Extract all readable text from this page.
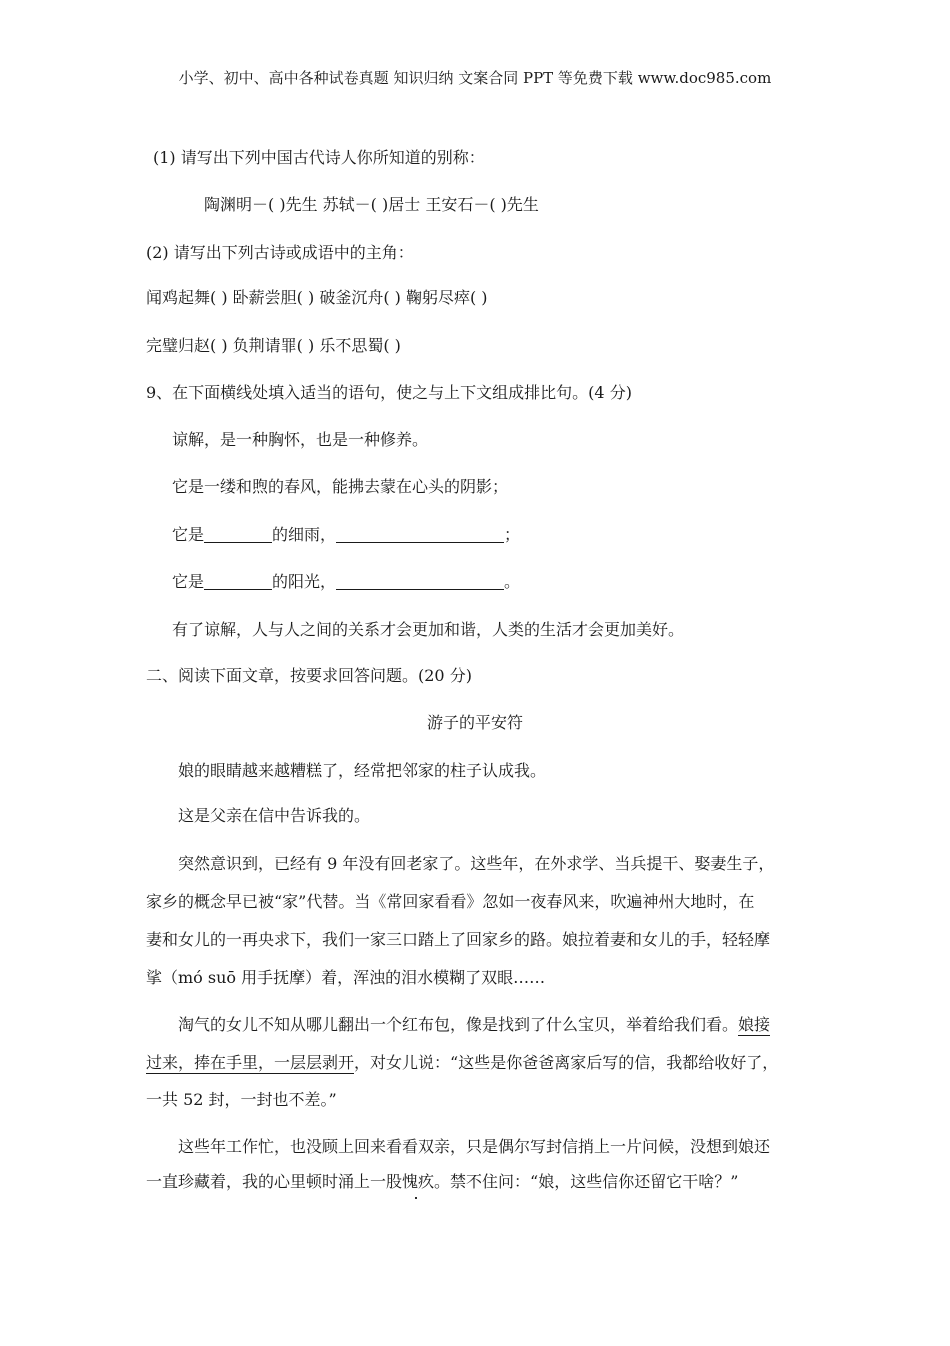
小学、初中、高中各种试卷真题 知识归纳 文案合同 PPT 等免费下载 www.doc985.com
(1) 请写出下列中国古代诗人你所知道的别称：
陶渊明－( )先生 苏轼－( )居士 王安石－( )先生
(2) 请写出下列古诗或成语中的主角：
闻鸡起舞( ) 卧薪尝胆( ) 破釜沉舟( ) 鞠躬尽瘁( )
完璧归赵( ) 负荆请罪( ) 乐不思蜀( )
9、在下面横线处填入适当的语句，使之与上下文组成排比句。(4 分)
谅解，是一种胸怀，也是一种修养。
它是一缕和煦的春风，能拂去蒙在心头的阴影；
它是	的细雨，	；
它是	的阳光，	。
有了谅解，人与人之间的关系才会更加和谐，人类的生活才会更加美好。
二、阅读下面文章，按要求回答问题。(20 分)
游子的平安符
娘的眼睛越来越糟糕了，经常把邻家的柱子认成我。
这是父亲在信中告诉我的。
突然意识到，已经有 9 年没有回老家了。这些年，在外求学、当兵提干、娶妻生子，
家乡的概念早已被“家”代替。当《常回家看看》忽如一夜春风来，吹遍神州大地时，在
妻和女儿的一再央求下，我们一家三口踏上了回家乡的路。娘拉着妻和女儿的手，轻轻摩
挲（mó suō 用手抚摩）着，浑浊的泪水模糊了双眼……
淘气的女儿不知从哪儿翻出一个红布包，像是找到了什么宝贝，举着给我们看。娘接
过来，捧在手里，一层层剥开，对女儿说：“这些是你爸爸离家后写的信，我都给收好了，
一共 52 封，一封也不差。”
这些年工作忙，也没顾上回来看看双亲，只是偶尔写封信捎上一片问候，没想到娘还
一直珍藏着，我的心里顿时涌上一股愧疚。禁不住问：“娘，这些信你还留它干啥？”
